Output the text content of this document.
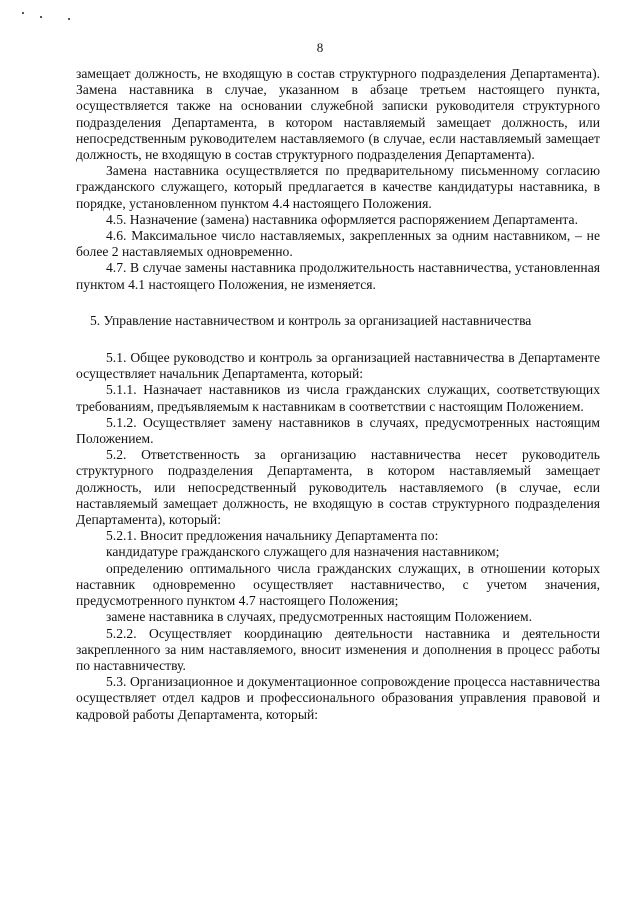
8

замещает должность, не входящую в состав структурного подразделения Департамента). Замена наставника в случае, указанном в абзаце третьем настоящего пункта, осуществляется также на основании служебной записки руководителя структурного подразделения Департамента, в котором наставляемый замещает должность, или непосредственным руководителем наставляемого (в случае, если наставляемый замещает должность, не входящую в состав структурного подразделения Департамента).

Замена наставника осуществляется по предварительному письменному согласию гражданского служащего, который предлагается в качестве кандидатуры наставника, в порядке, установленном пунктом 4.4 настоящего Положения.

4.5. Назначение (замена) наставника оформляется распоряжением Департамента.

4.6. Максимальное число наставляемых, закрепленных за одним наставником, – не более 2 наставляемых одновременно.

4.7. В случае замены наставника продолжительность наставничества, установленная пунктом 4.1 настоящего Положения, не изменяется.

5. Управление наставничеством и контроль за организацией наставничества

5.1. Общее руководство и контроль за организацией наставничества в Департаменте осуществляет начальник Департамента, который:

5.1.1. Назначает наставников из числа гражданских служащих, соответствующих требованиям, предъявляемым к наставникам в соответствии с настоящим Положением.

5.1.2. Осуществляет замену наставников в случаях, предусмотренных настоящим Положением.

5.2. Ответственность за организацию наставничества несет руководитель структурного подразделения Департамента, в котором наставляемый замещает должность, или непосредственный руководитель наставляемого (в случае, если наставляемый замещает должность, не входящую в состав структурного подразделения Департамента), который:

5.2.1. Вносит предложения начальнику Департамента по:

кандидатуре гражданского служащего для назначения наставником;

определению оптимального числа гражданских служащих, в отношении которых наставник одновременно осуществляет наставничество, с учетом значения, предусмотренного пунктом 4.7 настоящего Положения;

замене наставника в случаях, предусмотренных настоящим Положением.

5.2.2. Осуществляет координацию деятельности наставника и деятельности закрепленного за ним наставляемого, вносит изменения и дополнения в процесс работы по наставничеству.

5.3. Организационное и документационное сопровождение процесса наставничества осуществляет отдел кадров и профессионального образования управления правовой и кадровой работы Департамента, который:
